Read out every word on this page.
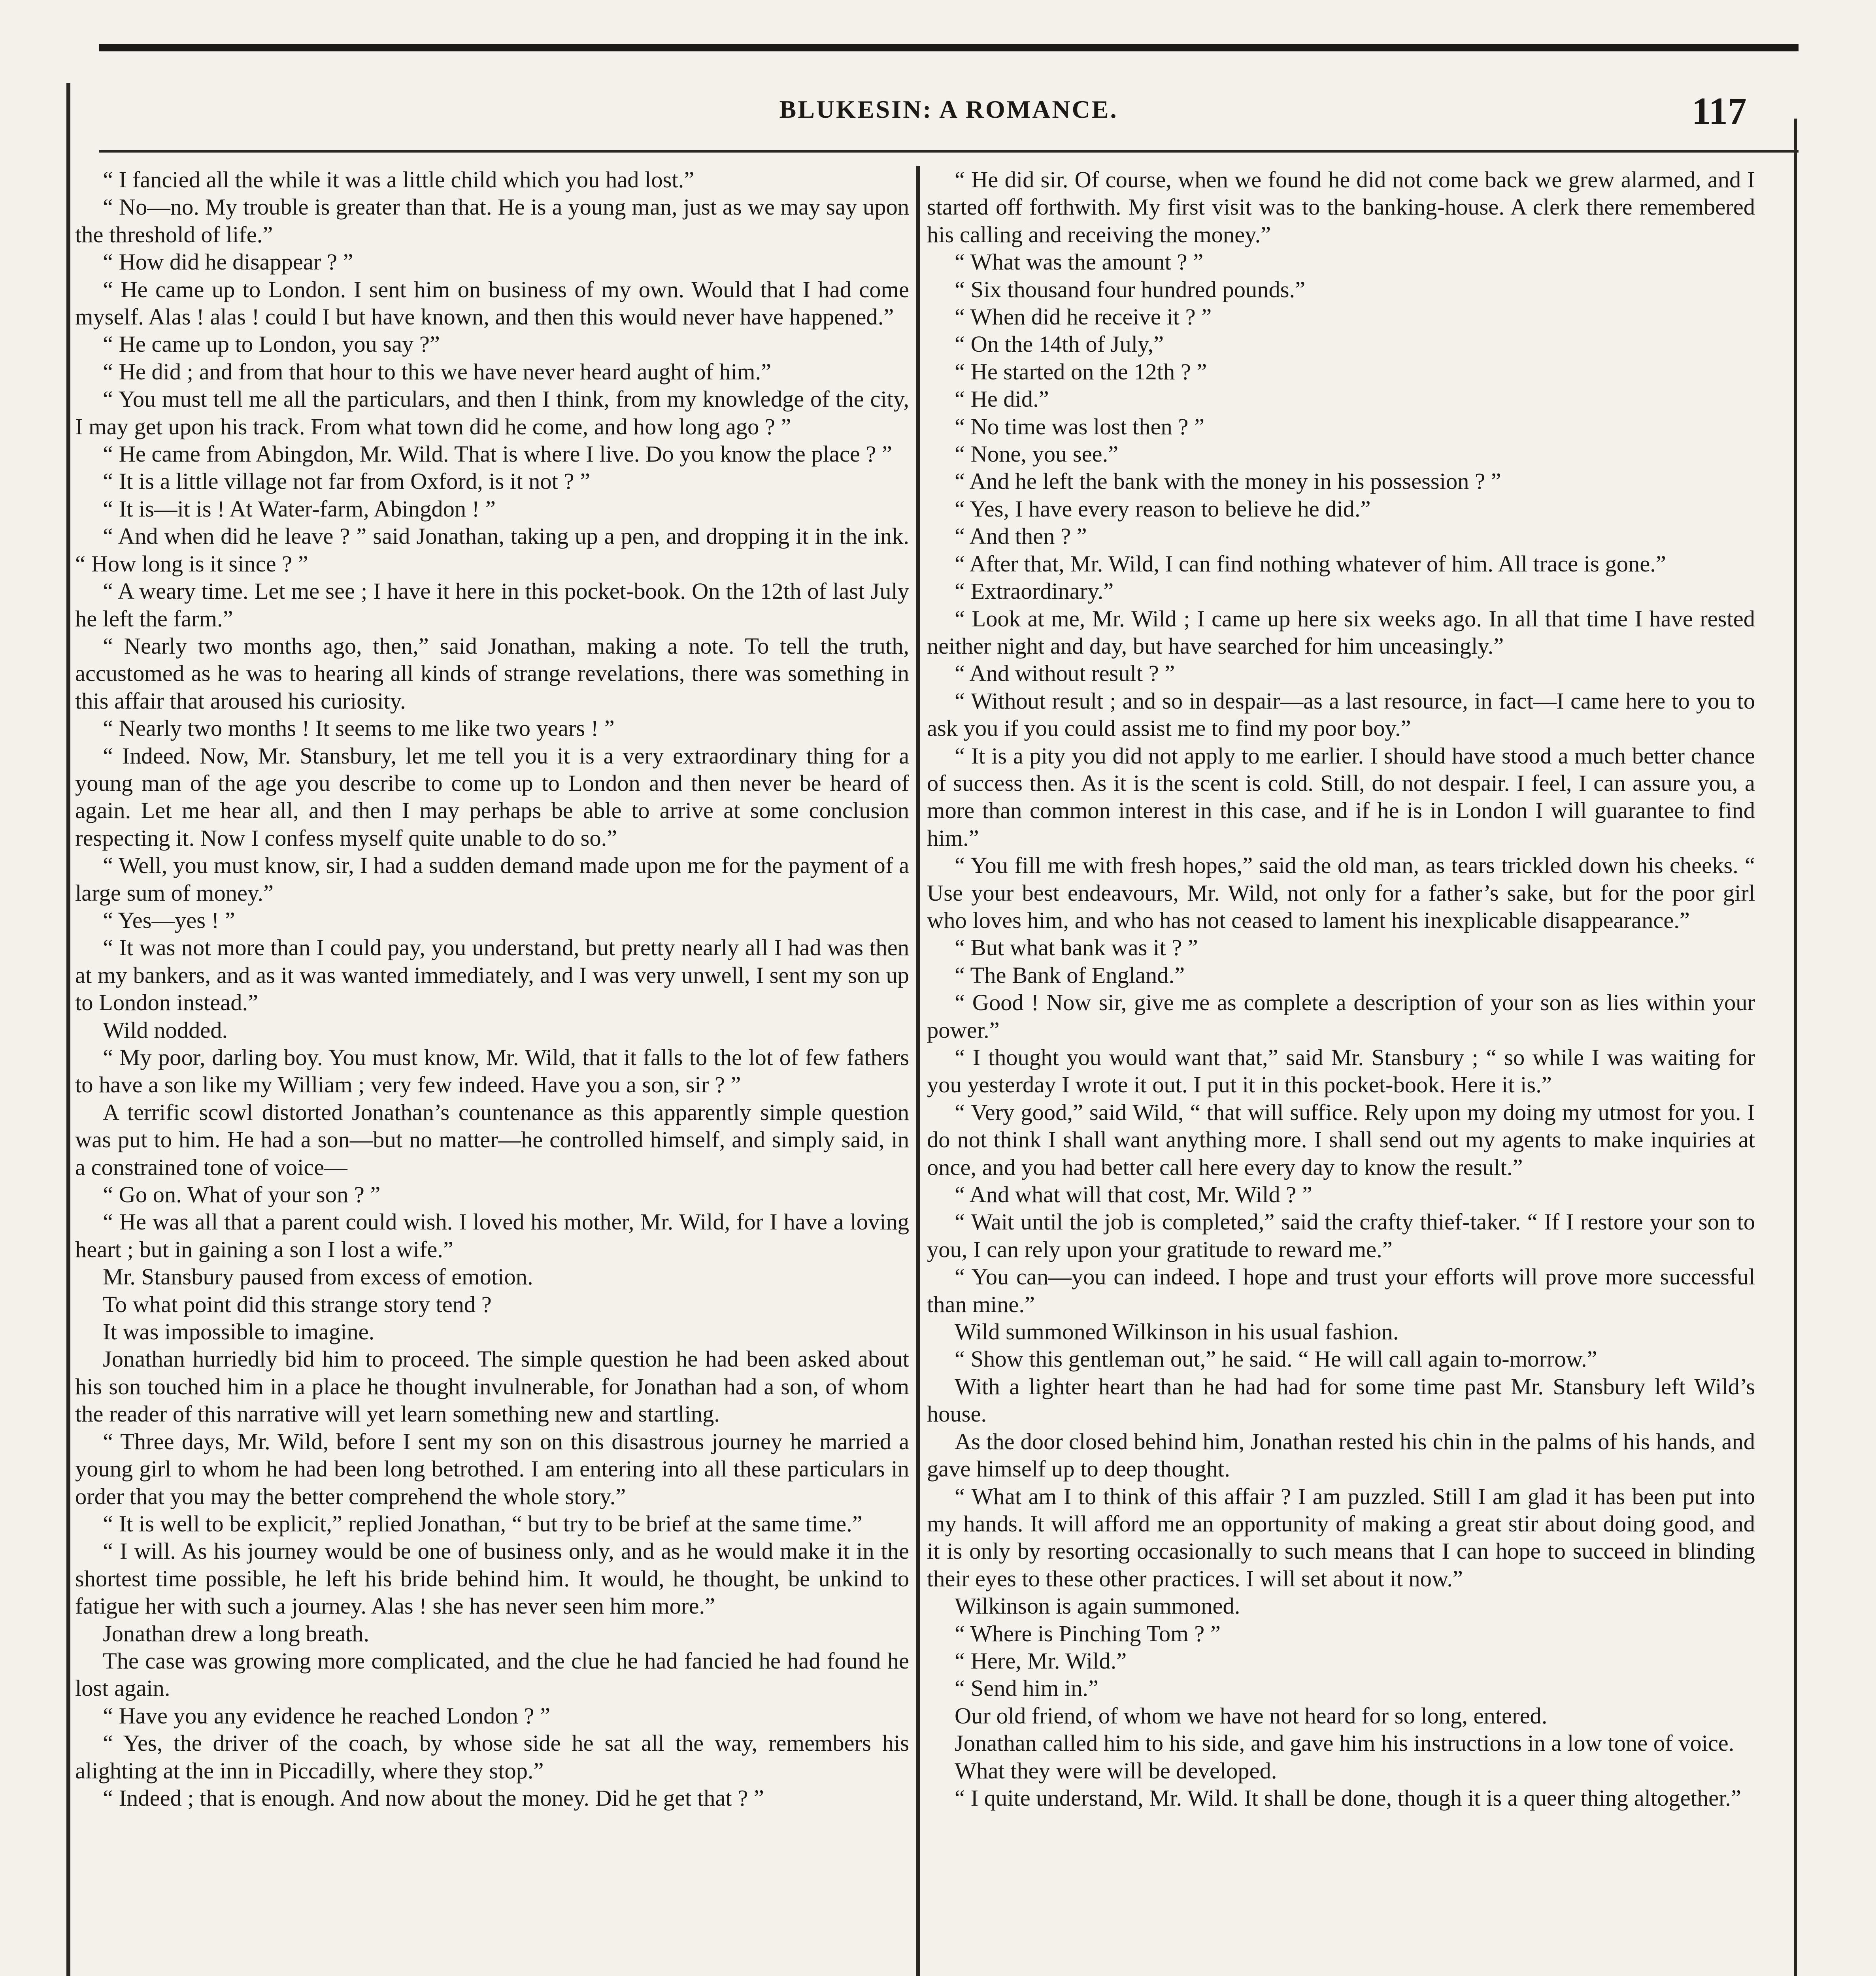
BLUKESIN: A ROMANCE.	117

“ I fancied all the while it was a little child which you had lost.”

“ No—no. My trouble is greater than that. He is a young man, just as we may say upon the threshold of life.”

“ How did he disappear ? ”

“ He came up to London. I sent him on business of my own. Would that I had come myself. Alas ! alas ! could I but have known, and then this would never have happened.”

“ He came up to London, you say ?”

“ He did ; and from that hour to this we have never heard aught of him.”

“ You must tell me all the particulars, and then I think, from my knowledge of the city, I may get upon his track. From what town did he come, and how long ago ? ”

“ He came from Abingdon, Mr. Wild. That is where I live. Do you know the place ? ”

“ It is a little village not far from Oxford, is it not ? ”

“ It is—it is ! At Water-farm, Abingdon ! ”

“ And when did he leave ? ” said Jonathan, taking up a pen, and dropping it in the ink. “ How long is it since ? ”

“ A weary time. Let me see ; I have it here in this pocket-book. On the 12th of last July he left the farm.”

“ Nearly two months ago, then,” said Jonathan, making a note. To tell the truth, accustomed as he was to hearing all kinds of strange revelations, there was something in this affair that aroused his curiosity.

“ Nearly two months ! It seems to me like two years ! ”

“ Indeed. Now, Mr. Stansbury, let me tell you it is a very extraordinary thing for a young man of the age you describe to come up to London and then never be heard of again. Let me hear all, and then I may perhaps be able to arrive at some conclusion respecting it. Now I confess myself quite unable to do so.”

“ Well, you must know, sir, I had a sudden demand made upon me for the payment of a large sum of money.”

“ Yes—yes ! ”

“ It was not more than I could pay, you understand, but pretty nearly all I had was then at my bankers, and as it was wanted immediately, and I was very unwell, I sent my son up to London instead.”

Wild nodded.

“ My poor, darling boy. You must know, Mr. Wild, that it falls to the lot of few fathers to have a son like my William ; very few indeed. Have you a son, sir ? ”

A terrific scowl distorted Jonathan’s countenance as this apparently simple question was put to him. He had a son—but no matter—he controlled himself, and simply said, in a constrained tone of voice—

“ Go on. What of your son ? ”

“ He was all that a parent could wish. I loved his mother, Mr. Wild, for I have a loving heart ; but in gaining a son I lost a wife.”

Mr. Stansbury paused from excess of emotion.

To what point did this strange story tend ?

It was impossible to imagine.

Jonathan hurriedly bid him to proceed. The simple question he had been asked about his son touched him in a place he thought invulnerable, for Jonathan had a son, of whom the reader of this narrative will yet learn something new and startling.

“ Three days, Mr. Wild, before I sent my son on this disastrous journey he married a young girl to whom he had been long betrothed. I am entering into all these particulars in order that you may the better comprehend the whole story.”

“ It is well to be explicit,” replied Jonathan, “ but try to be brief at the same time.”

“ I will. As his journey would be one of business only, and as he would make it in the shortest time possible, he left his bride behind him. It would, he thought, be unkind to fatigue her with such a journey. Alas ! she has never seen him more.”

Jonathan drew a long breath.

The case was growing more complicated, and the clue he had fancied he had found he lost again.

“ Have you any evidence he reached London ? ”

“ Yes, the driver of the coach, by whose side he sat all the way, remembers his alighting at the inn in Piccadilly, where they stop.”

“ Indeed ; that is enough. And now about the money. Did he get that ? ”

“ He did sir. Of course, when we found he did not come back we grew alarmed, and I started off forthwith. My first visit was to the banking-house. A clerk there remembered his calling and receiving the money.”

“ What was the amount ? ”

“ Six thousand four hundred pounds.”

“ When did he receive it ? ”

“ On the 14th of July,”

“ He started on the 12th ? ”

“ He did.”

“ No time was lost then ? ”

“ None, you see.”

“ And he left the bank with the money in his possession ? ”

“ Yes, I have every reason to believe he did.”

“ And then ? ”

“ After that, Mr. Wild, I can find nothing whatever of him. All trace is gone.”

“ Extraordinary.”

“ Look at me, Mr. Wild ; I came up here six weeks ago. In all that time I have rested neither night and day, but have searched for him unceasingly.”

“ And without result ? ”

“ Without result ; and so in despair—as a last resource, in fact—I came here to you to ask you if you could assist me to find my poor boy.”

“ It is a pity you did not apply to me earlier. I should have stood a much better chance of success then. As it is the scent is cold. Still, do not despair. I feel, I can assure you, a more than common interest in this case, and if he is in London I will guarantee to find him.”

“ You fill me with fresh hopes,” said the old man, as tears trickled down his cheeks. “ Use your best endeavours, Mr. Wild, not only for a father’s sake, but for the poor girl who loves him, and who has not ceased to lament his inexplicable disappearance.”

“ But what bank was it ? ”

“ The Bank of England.”

“ Good ! Now sir, give me as complete a description of your son as lies within your power.”

“ I thought you would want that,” said Mr. Stansbury ; “ so while I was waiting for you yesterday I wrote it out. I put it in this pocket-book. Here it is.”

“ Very good,” said Wild, “ that will suffice. Rely upon my doing my utmost for you. I do not think I shall want anything more. I shall send out my agents to make inquiries at once, and you had better call here every day to know the result.”

“ And what will that cost, Mr. Wild ? ”

“ Wait until the job is completed,” said the crafty thief-taker. “ If I restore your son to you, I can rely upon your gratitude to reward me.”

“ You can—you can indeed. I hope and trust your efforts will prove more successful than mine.”

Wild summoned Wilkinson in his usual fashion.

“ Show this gentleman out,” he said. “ He will call again to-morrow.”

With a lighter heart than he had had for some time past Mr. Stansbury left Wild’s house.

As the door closed behind him, Jonathan rested his chin in the palms of his hands, and gave himself up to deep thought.

“ What am I to think of this affair ? I am puzzled. Still I am glad it has been put into my hands. It will afford me an opportunity of making a great stir about doing good, and it is only by resorting occasionally to such means that I can hope to succeed in blinding their eyes to these other practices. I will set about it now.”

Wilkinson is again summoned.

“ Where is Pinching Tom ? ”

“ Here, Mr. Wild.”

“ Send him in.”

Our old friend, of whom we have not heard for so long, entered.

Jonathan called him to his side, and gave him his instructions in a low tone of voice.

What they were will be developed.

“ I quite understand, Mr. Wild. It shall be done, though it is a queer thing altogether.”
